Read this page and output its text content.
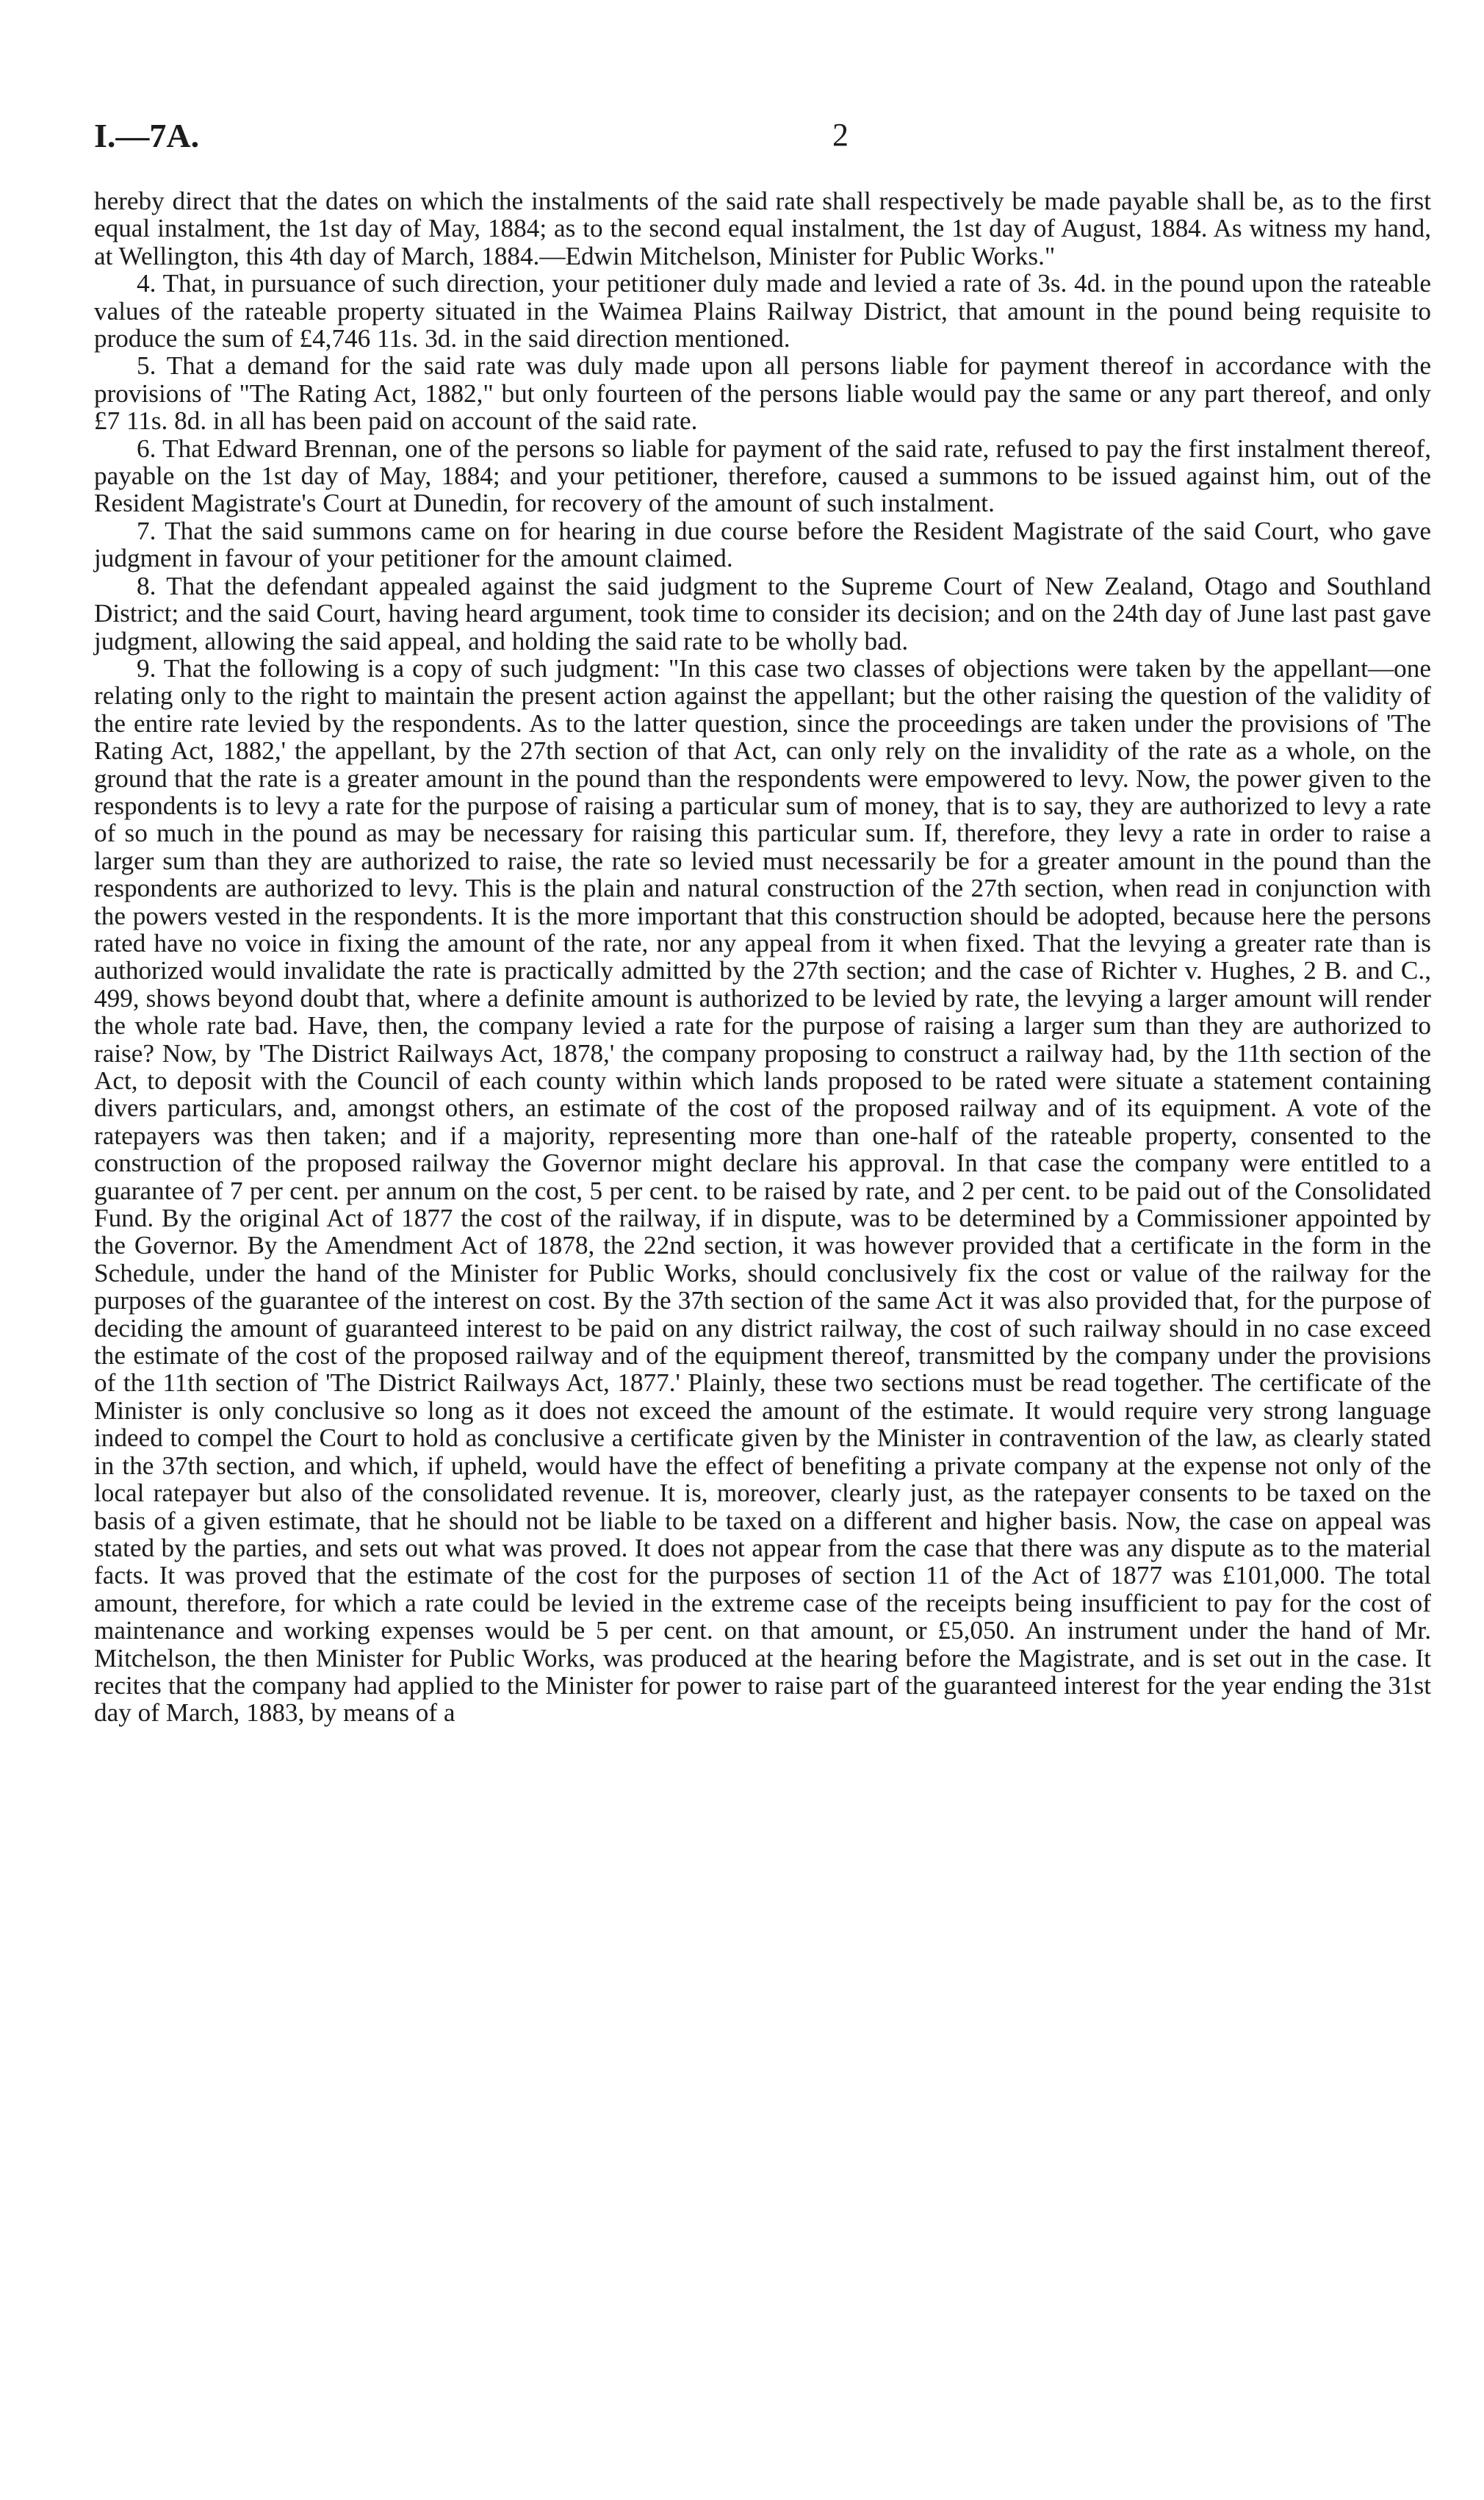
I.—7A.	2

hereby direct that the dates on which the instalments of the said rate shall respectively be made payable shall be, as to the first equal instalment, the 1st day of May, 1884; as to the second equal instalment, the 1st day of August, 1884. As witness my hand, at Wellington, this 4th day of March, 1884.—Edwin Mitchelson, Minister for Public Works."

4. That, in pursuance of such direction, your petitioner duly made and levied a rate of 3s. 4d. in the pound upon the rateable values of the rateable property situated in the Waimea Plains Railway District, that amount in the pound being requisite to produce the sum of £4,746 11s. 3d. in the said direction mentioned.

5. That a demand for the said rate was duly made upon all persons liable for payment thereof in accordance with the provisions of "The Rating Act, 1882," but only fourteen of the persons liable would pay the same or any part thereof, and only £7 11s. 8d. in all has been paid on account of the said rate.

6. That Edward Brennan, one of the persons so liable for payment of the said rate, refused to pay the first instalment thereof, payable on the 1st day of May, 1884; and your petitioner, therefore, caused a summons to be issued against him, out of the Resident Magistrate's Court at Dunedin, for recovery of the amount of such instalment.

7. That the said summons came on for hearing in due course before the Resident Magistrate of the said Court, who gave judgment in favour of your petitioner for the amount claimed.

8. That the defendant appealed against the said judgment to the Supreme Court of New Zealand, Otago and Southland District; and the said Court, having heard argument, took time to consider its decision; and on the 24th day of June last past gave judgment, allowing the said appeal, and holding the said rate to be wholly bad.

9. That the following is a copy of such judgment: "In this case two classes of objections were taken by the appellant—one relating only to the right to maintain the present action against the appellant; but the other raising the question of the validity of the entire rate levied by the respondents. As to the latter question, since the proceedings are taken under the provisions of 'The Rating Act, 1882,' the appellant, by the 27th section of that Act, can only rely on the invalidity of the rate as a whole, on the ground that the rate is a greater amount in the pound than the respondents were empowered to levy. Now, the power given to the respondents is to levy a rate for the purpose of raising a particular sum of money, that is to say, they are authorized to levy a rate of so much in the pound as may be necessary for raising this particular sum. If, therefore, they levy a rate in order to raise a larger sum than they are authorized to raise, the rate so levied must necessarily be for a greater amount in the pound than the respondents are authorized to levy. This is the plain and natural construction of the 27th section, when read in conjunction with the powers vested in the respondents. It is the more important that this construction should be adopted, because here the persons rated have no voice in fixing the amount of the rate, nor any appeal from it when fixed. That the levying a greater rate than is authorized would invalidate the rate is practically admitted by the 27th section; and the case of Richter v. Hughes, 2 B. and C., 499, shows beyond doubt that, where a definite amount is authorized to be levied by rate, the levying a larger amount will render the whole rate bad. Have, then, the company levied a rate for the purpose of raising a larger sum than they are authorized to raise? Now, by 'The District Railways Act, 1878,' the company proposing to construct a railway had, by the 11th section of the Act, to deposit with the Council of each county within which lands proposed to be rated were situate a statement containing divers particulars, and, amongst others, an estimate of the cost of the proposed railway and of its equipment. A vote of the ratepayers was then taken; and if a majority, representing more than one-half of the rateable property, consented to the construction of the proposed railway the Governor might declare his approval. In that case the company were entitled to a guarantee of 7 per cent. per annum on the cost, 5 per cent. to be raised by rate, and 2 per cent. to be paid out of the Consolidated Fund. By the original Act of 1877 the cost of the railway, if in dispute, was to be determined by a Commissioner appointed by the Governor. By the Amendment Act of 1878, the 22nd section, it was however provided that a certificate in the form in the Schedule, under the hand of the Minister for Public Works, should conclusively fix the cost or value of the railway for the purposes of the guarantee of the interest on cost. By the 37th section of the same Act it was also provided that, for the purpose of deciding the amount of guaranteed interest to be paid on any district railway, the cost of such railway should in no case exceed the estimate of the cost of the proposed railway and of the equipment thereof, transmitted by the company under the provisions of the 11th section of 'The District Railways Act, 1877.' Plainly, these two sections must be read together. The certificate of the Minister is only conclusive so long as it does not exceed the amount of the estimate. It would require very strong language indeed to compel the Court to hold as conclusive a certificate given by the Minister in contravention of the law, as clearly stated in the 37th section, and which, if upheld, would have the effect of benefiting a private company at the expense not only of the local ratepayer but also of the consolidated revenue. It is, moreover, clearly just, as the ratepayer consents to be taxed on the basis of a given estimate, that he should not be liable to be taxed on a different and higher basis. Now, the case on appeal was stated by the parties, and sets out what was proved. It does not appear from the case that there was any dispute as to the material facts. It was proved that the estimate of the cost for the purposes of section 11 of the Act of 1877 was £101,000. The total amount, therefore, for which a rate could be levied in the extreme case of the receipts being insufficient to pay for the cost of maintenance and working expenses would be 5 per cent. on that amount, or £5,050. An instrument under the hand of Mr. Mitchelson, the then Minister for Public Works, was produced at the hearing before the Magistrate, and is set out in the case. It recites that the company had applied to the Minister for power to raise part of the guaranteed interest for the year ending the 31st day of March, 1883, by means of a
